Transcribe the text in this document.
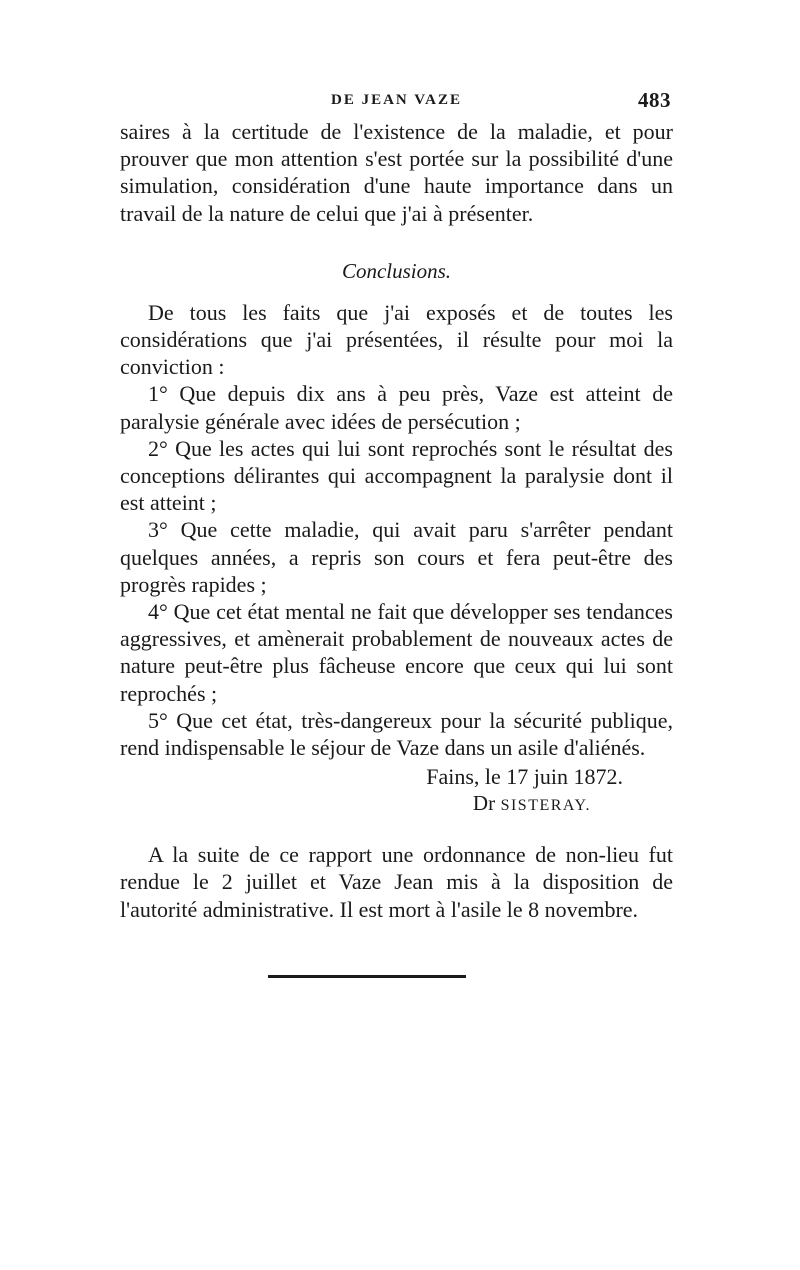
DE JEAN VAZE	483

saires à la certitude de l'existence de la maladie, et pour prouver que mon attention s'est portée sur la possibilité d'une simulation, considération d'une haute importance dans un travail de la nature de celui que j'ai à présenter.

Conclusions.

De tous les faits que j'ai exposés et de toutes les considérations que j'ai présentées, il résulte pour moi la conviction :

1° Que depuis dix ans à peu près, Vaze est atteint de paralysie générale avec idées de persécution ;

2° Que les actes qui lui sont reprochés sont le résultat des conceptions délirantes qui accompagnent la paralysie dont il est atteint ;

3° Que cette maladie, qui avait paru s'arrêter pendant quelques années, a repris son cours et fera peut-être des progrès rapides ;

4° Que cet état mental ne fait que développer ses tendances aggressives, et amènerait probablement de nouveaux actes de nature peut-être plus fâcheuse encore que ceux qui lui sont reprochés ;

5° Que cet état, très-dangereux pour la sécurité publique, rend indispensable le séjour de Vaze dans un asile d'aliénés.

Fains, le 17 juin 1872.
Dr SISTERAY.

A la suite de ce rapport une ordonnance de non-lieu fut rendue le 2 juillet et Vaze Jean mis à la disposition de l'autorité administrative. Il est mort à l'asile le 8 novembre.
